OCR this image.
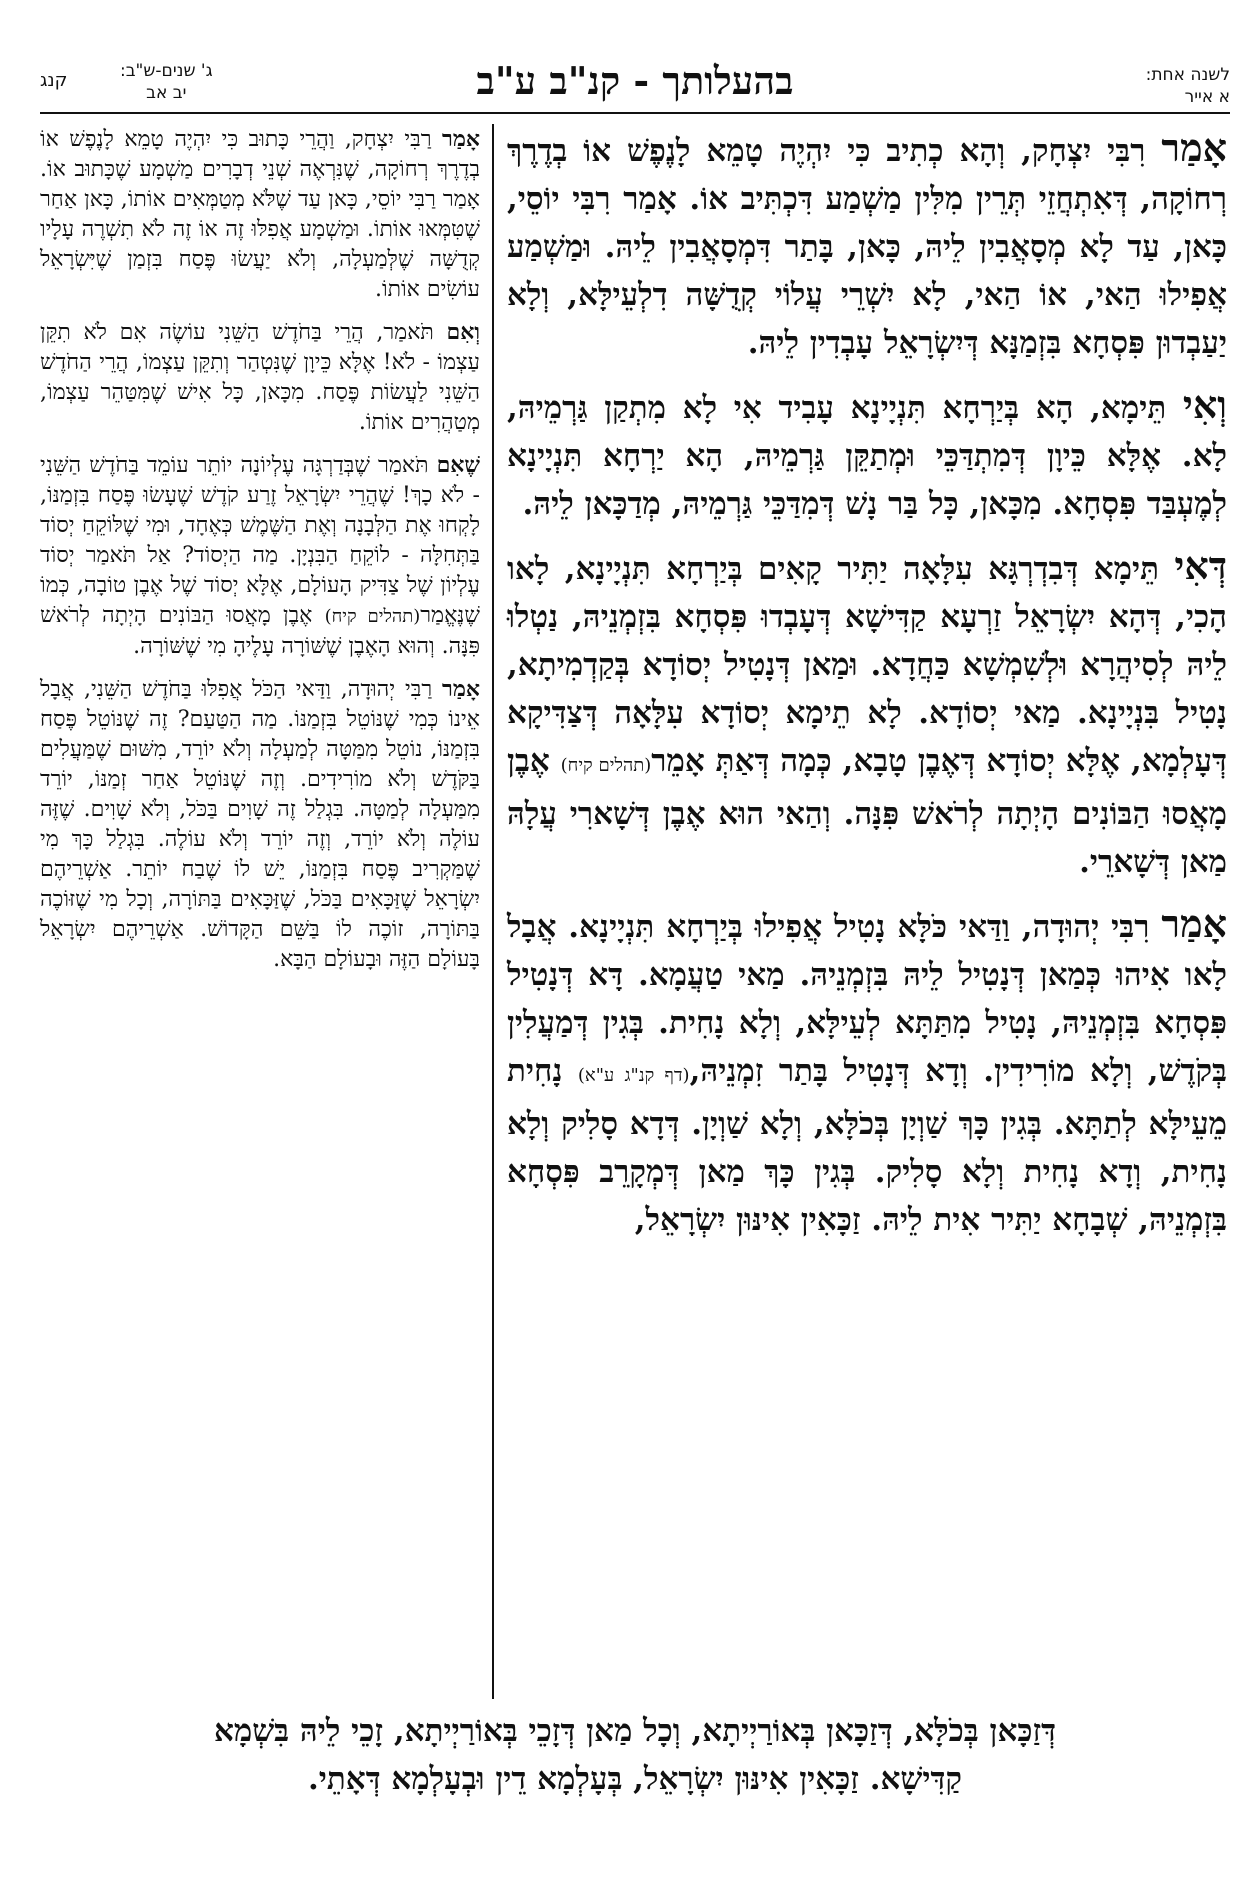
לשנה אחת:
א אייר
בהעלותך - קנ"ב ע"ב
ג' שנים-ש"ב:
יב אב
קנג

אָמַר רִבִּי יִצְחָק, וְהָא כְתִיב כִּי יִהְיֶה טָמֵא לָנֶפֶשׁ אוֹ בְדֶרֶךְ רְחוֹקָה, דְּאִתְחֲזֵי תְּרֵין מִלִּין מַשְׁמַע דִּכְתִּיב אוֹ. אָמַר רִבִּי יוֹסֵי, כָּאן, עַד לָא מְסָאֲבִין לֵיהּ, כָּאן, בָּתַר דִּמְסָאֲבִין לֵיהּ. וּמַשְׁמַע אֲפִילוּ הַאי, אוֹ הַאי, לָא יִשְׁרֵי עֲלוֹי קְדֻשָּׁה דִלְעֵילָּא, וְלָא יַעַבְדוּן פִּסְחָא בִּזְמַנָּא דְּיִשְׂרָאֵל עָבְדִין לֵיהּ.

וְאִי תֵּימָא, הָא בְּיַרְחָא תִּנְיָינָא עָבִיד אִי לָא מִתְקַן גַּרְמֵיהּ, לָא. אֶלָּא כֵּיוָן דְּמִתְדַּכֵּי וּמְתַקֵּן גַּרְמֵיהּ, הָא יַרְחָא תִּנְיָינָא לְמֶעְבַּד פִּסְחָא. מִכָּאן, כָּל בַּר נָשׁ דְּמִדַּכֵּי גַּרְמֵיהּ, מְדַכָּאן לֵיהּ.

דְּאִי תֵּימָא דְּבִדְרְגָּא עִלָּאָה יַתִּיר קָאִים בְּיַרְחָא תִּנְיָינָא, לָאו הָכִי, דְּהָא יִשְׂרָאֵל זַרְעָא קַדִּישָׁא דְּעָבְדוּ פִּסְחָא בִּזְמְנֵיהּ, נַטְלוּ לֵיהּ לְסִיהֲרָא וּלְשִׁמְשָׁא כַּחֲדָא. וּמַאן דְּנָטִיל יְסוֹדָא בְּקַדְמִיתָא, נָטִיל בִּנְיָינָא. מַאי יְסוֹדָא. לָא תֵימָא יְסוֹדָא עִלָּאָה דְּצַדִּיקָא דְּעָלְמָא, אֶלָּא יְסוֹדָא דְּאֶבֶן טָבָא, כְּמָה דְּאַתְּ אָמֵר(תהלים קיח) אֶבֶן מָאֲסוּ הַבּוֹנִים הָיְתָה לְרֹאשׁ פִּנָּה. וְהַאי הוּא אֶבֶן דְּשָׁארִי עֲלָהּ מַאן דְּשָׁארֵי.

אָמַר רִבִּי יְהוּדָה, וַדַּאי כֹּלָּא נָטִיל אֲפִילוּ בְּיַרְחָא תִּנְיָינָא. אֲבָל לָאו אִיהוּ כְּמַאן דְּנָטִיל לֵיהּ בִּזְמְנֵיהּ. מַאי טַעֲמָא. דָּא דְּנָטִיל פִּסְחָא בִּזְמְנֵיהּ, נָטִיל מִתַּתָּא לְעֵילָּא, וְלָא נָחִית. בְּגִין דְּמַעֲלִין בְּקֹדֶשׁ, וְלָא מוֹרִידִין. וְדָא דְּנָטִיל בָּתַר זִמְנֵיהּ,(דף קנ"ג ע"א) נָחִית מֵעֵילָּא לְתַתָּא. בְּגִין כָּךְ שַׁוְיָן בְּכֹלָּא, וְלָא שַׁוְיָן. דְּדָא סָלִיק וְלָא נָחִית, וְדָא נָחִית וְלָא סָלִיק. בְּגִין כָּךְ מַאן דְּמְקָרֵב פִּסְחָא בִּזְמְנֵיהּ, שְׁבָחָא יַתִּיר אִית לֵיהּ. זַכָּאִין אִינּוּן יִשְׂרָאֵל,

אָמַר רַבִּי יִצְחָק, וַהֲרֵי כָּתוּב כִּי יִהְיֶה טָמֵא לָנֶפֶשׁ אוֹ בְדֶרֶךְ רְחוֹקָה, שֶׁנִּרְאֶה שְׁנֵי דְבָרִים מַשְׁמָע שֶׁכָּתוּב אוֹ. אָמַר רַבִּי יוֹסֵי, כָּאן עַד שֶׁלֹּא מְטַמְּאִים אוֹתוֹ, כָּאן אַחַר שֶׁטִּמְּאוּ אוֹתוֹ. וּמַשְׁמָע אֲפִלּוּ זֶה אוֹ זֶה לֹא תִשְׁרֶה עָלָיו קְדֻשָּׁה שֶׁלְּמַעְלָה, וְלֹא יַעֲשׂוּ פֶּסַח בִּזְמַן שֶׁיִּשְׂרָאֵל עוֹשִׂים אוֹתוֹ.

וְאִם תֹּאמַר, הֲרֵי בַּחֹדֶשׁ הַשֵּׁנִי עוֹשֶׂה אִם לֹא תִקֵּן עַצְמוֹ - לֹא! אֶלָּא כֵּיוָן שֶׁנִּטְהַר וְתִקֵּן עַצְמוֹ, הֲרֵי הַחֹדֶשׁ הַשֵּׁנִי לַעֲשׂוֹת פֶּסַח. מִכָּאן, כָּל אִישׁ שֶׁמִּטַּהֵר עַצְמוֹ, מְטַהֲרִים אוֹתוֹ.

שֶׁאִם תֹּאמַר שֶׁבְּדַרְגָּה עֶלְיוֹנָה יוֹתֵר עוֹמֵד בַּחֹדֶשׁ הַשֵּׁנִי - לֹא כָךְ! שֶׁהֲרֵי יִשְׂרָאֵל זֶרַע קֹדֶשׁ שֶׁעָשׂוּ פֶּסַח בִּזְמַנּוֹ, לָקְחוּ אֶת הַלְּבָנָה וְאֶת הַשֶּׁמֶשׁ כְּאֶחָד, וּמִי שֶׁלּוֹקֵחַ יְסוֹד בַּתְּחִלָּה - לוֹקֵחַ הַבִּנְיָן. מַה הַיְסוֹד? אַל תֹּאמַר יְסוֹד עֶלְיוֹן שֶׁל צַדִּיק הָעוֹלָם, אֶלָּא יְסוֹד שֶׁל אֶבֶן טוֹבָה, כְּמוֹ שֶׁנֶּאֱמַר(תהלים קיח) אֶבֶן מָאֲסוּ הַבּוֹנִים הָיְתָה לְרֹאשׁ פִּנָּה. וְהוּא הָאֶבֶן שֶׁשּׁוֹרָה עָלֶיהָ מִי שֶׁשּׁוֹרָה.

אָמַר רַבִּי יְהוּדָה, וַדַּאי הַכֹּל אֲפִלּוּ בַּחֹדֶשׁ הַשֵּׁנִי, אֲבָל אֵינוֹ כְּמִי שֶׁנּוֹטֵל בִּזְמַנּוֹ. מַה הַטַּעַם? זֶה שֶׁנּוֹטֵל פֶּסַח בִּזְמַנּוֹ, נוֹטֵל מִמַּטָּה לְמַעְלָה וְלֹא יוֹרֵד, מִשּׁוּם שֶׁמַּעֲלִים בַּקֹּדֶשׁ וְלֹא מוֹרִידִים. וְזֶה שֶׁנּוֹטֵל אַחַר זְמַנּוֹ, יוֹרֵד מִמַּעְלָה לְמַטָּה. בִּגְלַל זֶה שָׁוִים בַּכֹּל, וְלֹא שָׁוִים. שֶׁזֶּה עוֹלֶה וְלֹא יוֹרֵד, וְזֶה יוֹרֵד וְלֹא עוֹלֶה. בִּגְלַל כָּךְ מִי שֶׁמַּקְרִיב פֶּסַח בִּזְמַנּוֹ, יֵשׁ לוֹ שֶׁבַח יוֹתֵר. אַשְׁרֵיהֶם יִשְׂרָאֵל שֶׁזַּכָּאִים בַּכֹּל, שֶׁזַּכָּאִים בַּתּוֹרָה, וְכָל מִי שֶׁזּוֹכֶה בַּתּוֹרָה, זוֹכֶה לוֹ בַּשֵּׁם הַקָּדוֹשׁ. אַשְׁרֵיהֶם יִשְׂרָאֵל בָּעוֹלָם הַזֶּה וּבָעוֹלָם הַבָּא.

דְּזַכָּאן בְּכֹלָּא, דְּזַכָּאן בְּאוֹרַיְיתָא, וְכָל מַאן דְּזָכֵי בְּאוֹרַיְיתָא, זָכֵי לֵיהּ בִּשְׁמָא
קַדִּישָׁא. זַכָּאִין אִינּוּן יִשְׂרָאֵל, בְּעָלְמָא דֵין וּבְעָלְמָא דְּאָתֵי.
